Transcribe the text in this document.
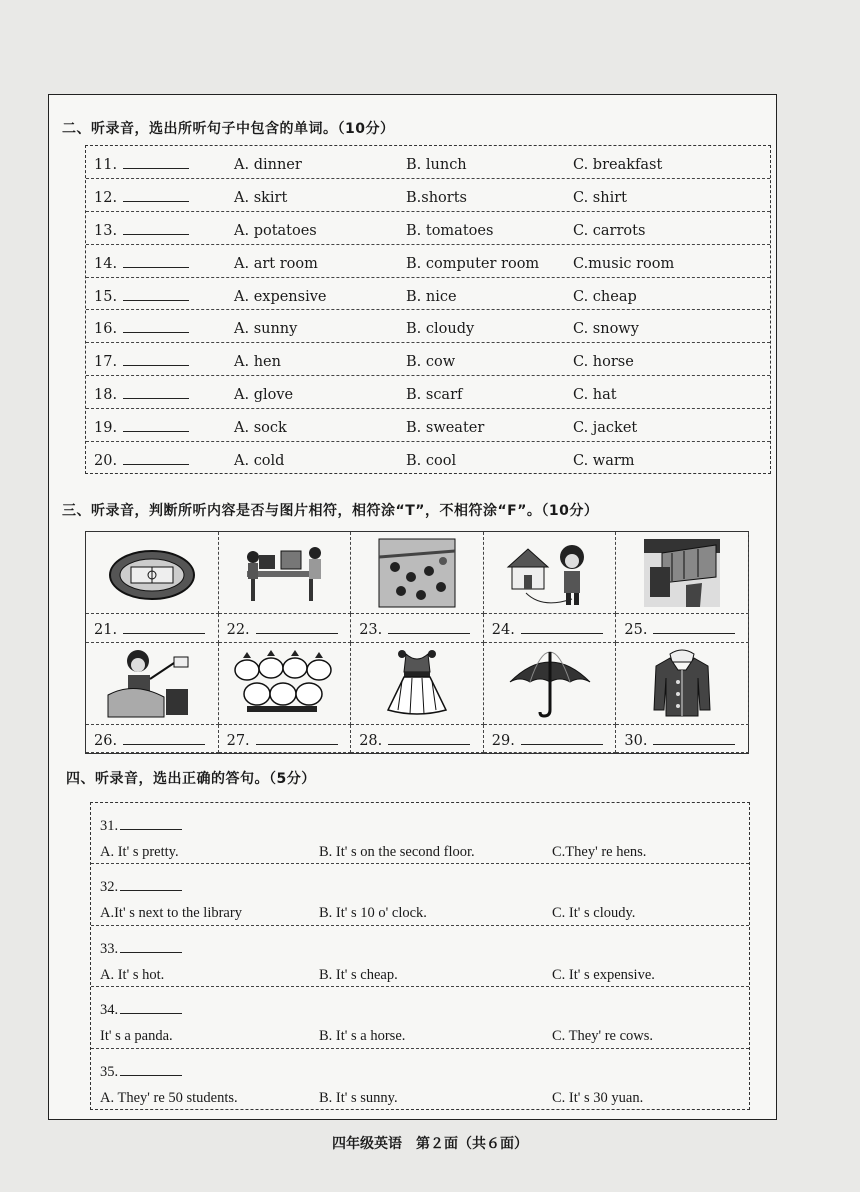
二、听录音，选出所听句子中包含的单词。（10分）
11.	A. dinner	B. lunch	C. breakfast
12.	A. skirt	B.shorts	C. shirt
13.	A. potatoes	B. tomatoes	C. carrots
14.	A. art room	B. computer room C.music room
15.	A. expensive	B. nice	C. cheap
16.	A. sunny	B. cloudy	C. snowy
17.	A. hen	B. cow	C. horse
18.	A. glove	B. scarf	C. hat
19.	A. sock	B. sweater	C. jacket
20.	A. cold	B. cool	C. warm
三、听录音，判断所听内容是否与图片相符，相符涂“T”，不相符涂“F”。（10分）
21.	22.	23.	24.	25.
26.	27.	28.	29.	30.
四、听录音，选出正确的答句。（5分）
31.
A. It' s pretty.	B. It' s on the second floor.	C.They' re hens.
32.
A.It' s next to the library	B. It' s 10 o' clock.	C. It' s cloudy.
33.
A. It' s hot.	B. It' s cheap.	C. It' s expensive.
34.
It' s a panda.	B. It' s a horse.	C. They' re cows.
35.
A. They' re 50 students.	B. It' s sunny.	C. It' s 30 yuan.
四年级英语　第２面（共６面）
